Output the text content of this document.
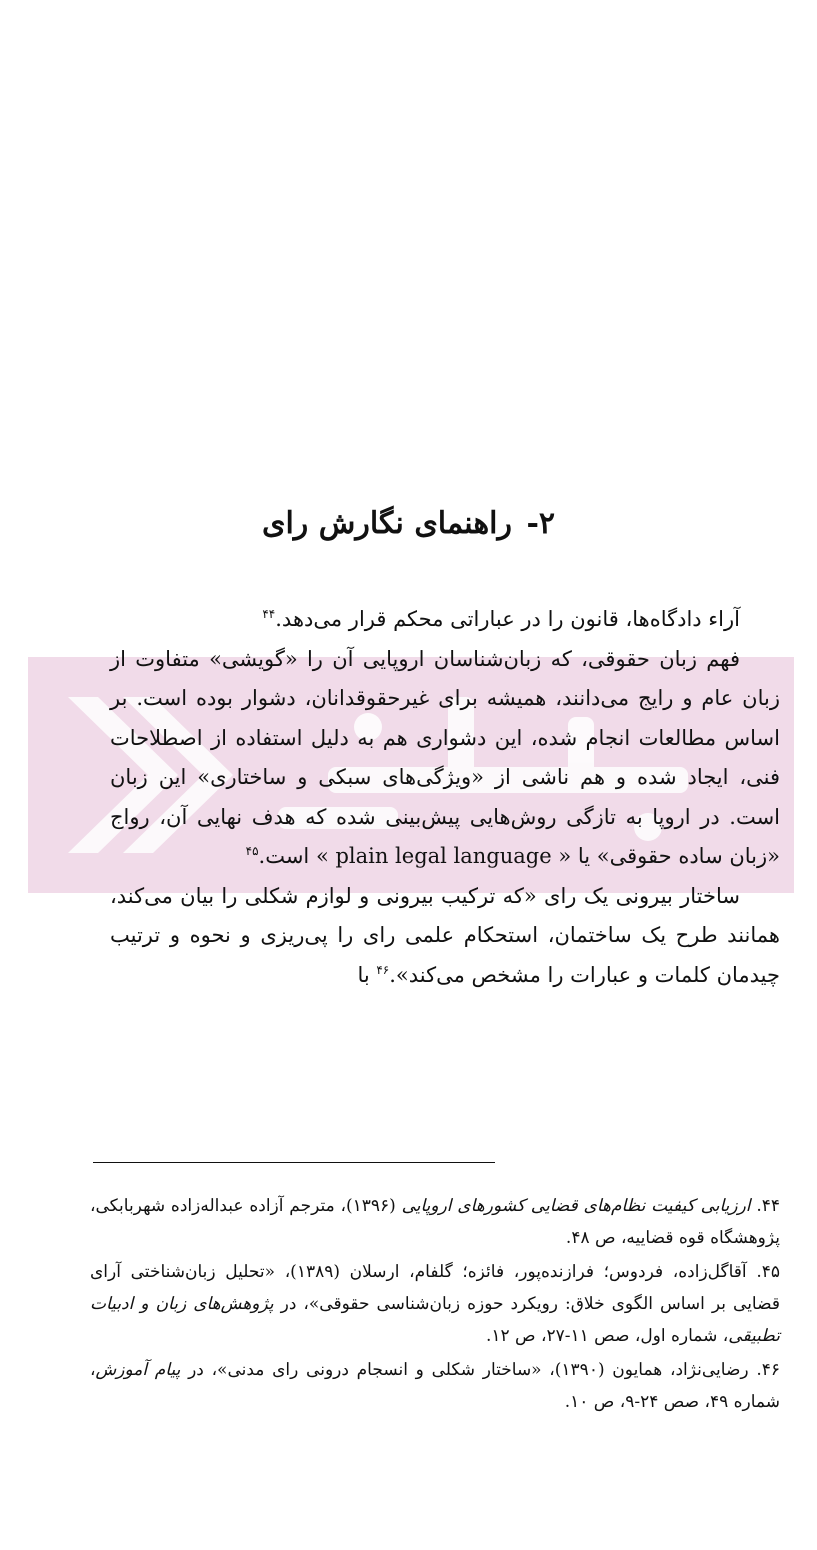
۲- راهنمای نگارش رای

آراء دادگاه‌ها، قانون را در عباراتی محکم قرار می‌دهد.$^{۴۴}$

فهم زبان حقوقی، که زبان‌شناسان اروپایی آن را «گویشی» متفاوت از زبان عام و رایج می‌دانند، همیشه برای غیرحقوقدانان، دشوار بوده است. بر اساس مطالعات انجام شده، این دشواری هم به دلیل استفاده از اصطلاحات فنی، ایجاد شده و هم ناشی از «ویژگی‌های سبکی و ساختاری» این زبان است. در اروپا به تازگی روش‌هایی پیش‌بینی شده که هدف نهایی آن، رواج «زبان ساده حقوقی» یا « plain legal language » است.$^{۴۵}$

ساختار بیرونی یک رای «که ترکیب بیرونی و لوازم شکلی را بیان می‌کند، همانند طرح یک ساختمان، استحکام علمی رای را پی‌ریزی و نحوه و ترتیب چیدمان کلمات و عبارات را مشخص می‌کند».$^{۴۶}$ با

۴۴. ارزیابی کیفیت نظام‌های قضایی کشورهای اروپایی (۱۳۹۶)، مترجم آزاده عبداله‌زاده شهربابکی، پژوهشگاه قوه قضاییه، ص ۴۸.

۴۵. آقاگل‌زاده، فردوس؛ فرازنده‌پور، فائزه؛ گلفام، ارسلان (۱۳۸۹)، «تحلیل زبان‌شناختی آرای قضایی بر اساس الگوی خلاق: رویکرد حوزه زبان‌شناسی حقوقی»، در پژوهش‌های زبان و ادبیات تطبیقی، شماره اول، صص ۱۱-۲۷، ص ۱۲.

۴۶. رضایی‌نژاد، همایون (۱۳۹۰)، «ساختار شکلی و انسجام درونی رای مدنی»، در پیام آموزش، شماره ۴۹، صص ۲۴-۹، ص ۱۰.
